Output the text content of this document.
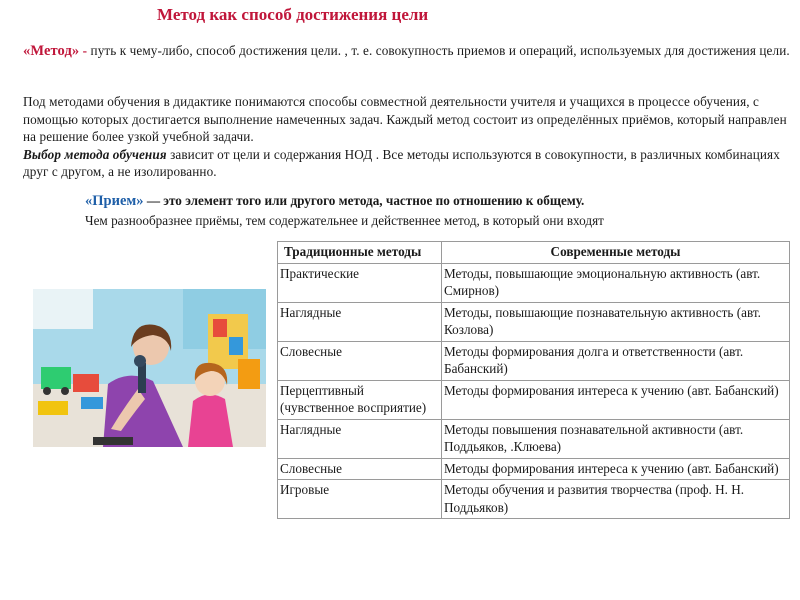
Метод как способ достижения цели
«Метод» - путь к чему-либо, способ достижения цели. , т. е. совокупность приемов и операций, используемых для достижения цели.

Под методами обучения в дидактике понимаются способы совместной деятельности учителя и учащихся в процессе обучения, с помощью которых достигается выполнение намеченных задач. Каждый метод состоит из определённых приёмов, который направлен на решение более узкой учебной задачи.

Выбор метода обучения зависит от цели и содержания НОД . Все методы используются в совокупности, в различных комбинациях друг с другом, а не изолированно.

«Прием» — это элемент того или другого метода, частное по отношению к общему.
Чем разнообразнее приёмы, тем содержательнее и действеннее метод, в который они входят
Традиционные методы	Современные методы
Практические	Методы, повышающие эмоциональную активность (авт. Смирнов)
Наглядные	Методы, повышающие познавательную активность (авт. Козлова)
Словесные	Методы формирования долга и ответственности (авт. Бабанский)
Перцептивный (чувственное восприятие)	Методы формирования интереса к учению (авт. Бабанский)
Наглядные	Методы повышения познавательной активности (авт. Поддьяков, .Клюева)
Словесные	Методы формирования интереса к учению (авт. Бабанский)
Игровые	Методы обучения и развития творчества (проф. Н. Н. Поддьяков)
